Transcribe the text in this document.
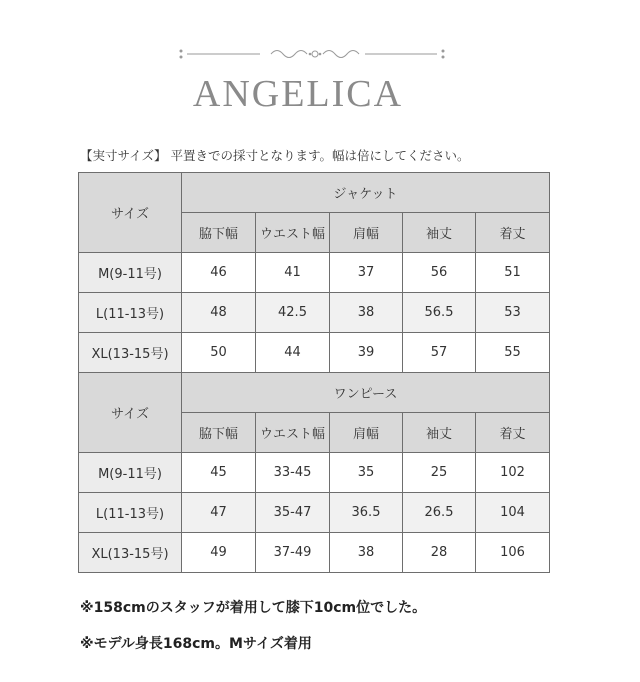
ANGELICA
【実寸サイズ】 平置きでの採寸となります。幅は倍にしてください。
サイズ	ジャケット				
	脇下幅	ウエスト幅	肩幅	袖丈	着丈
M(9-11号)	46	41	37	56	51
L(11-13号)	48	42.5	38	56.5	53
XL(13-15号)	50	44	39	57	55
サイズ	ワンピース				
	脇下幅	ウエスト幅	肩幅	袖丈	着丈
M(9-11号)	45	33-45	35	25	102
L(11-13号)	47	35-47	36.5	26.5	104
XL(13-15号)	49	37-49	38	28	106
※158cmのスタッフが着用して膝下10cm位でした。
※モデル身長168cm。Mサイズ着用
